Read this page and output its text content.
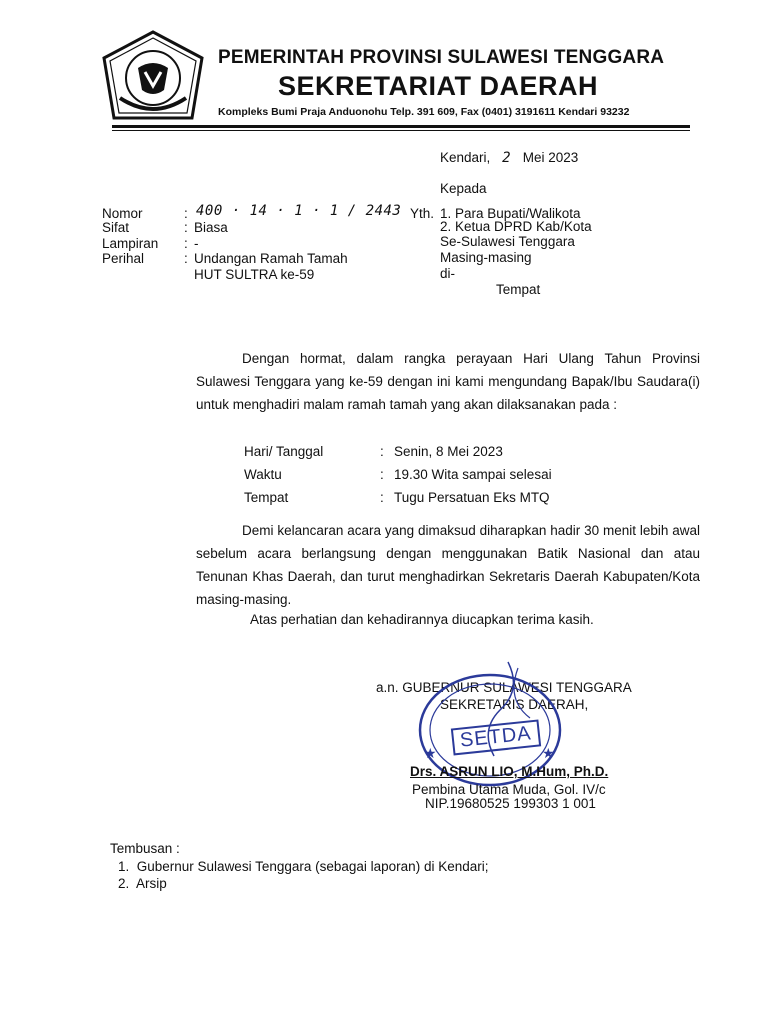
PEMERINTAH PROVINSI SULAWESI TENGGARA
SEKRETARIAT DAERAH
Kompleks Bumi Praja Anduonohu Telp. 391 609, Fax (0401) 3191611 Kendari 93232
Kendari, 2 Mei 2023
Kepada
Yth. 1. Para Bupati/Walikota
2. Ketua DPRD Kab/Kota
Se-Sulawesi Tenggara
Masing-masing
di-
Tempat
Nomor	: 400 · 14 · 1 · 1 / 2443
Sifat	: Biasa
Lampiran : -
Perihal	: Undangan Ramah Tamah
HUT SULTRA ke-59
Dengan hormat, dalam rangka perayaan Hari Ulang Tahun Provinsi Sulawesi Tenggara yang ke-59 dengan ini kami mengundang Bapak/Ibu Saudara(i) untuk menghadiri malam ramah tamah yang akan dilaksanakan pada :
Hari/ Tanggal	: Senin, 8 Mei 2023
Waktu	: 19.30 Wita sampai selesai
Tempat	: Tugu Persatuan Eks MTQ
Demi kelancaran acara yang dimaksud diharapkan hadir 30 menit lebih awal sebelum acara berlangsung dengan menggunakan Batik Nasional dan atau Tenunan Khas Daerah, dan turut menghadirkan Sekretaris Daerah Kabupaten/Kota masing-masing.
Atas perhatian dan kehadirannya diucapkan terima kasih.
a.n. GUBERNUR SULAWESI TENGGARA
SEKRETARIS DAERAH,
★	★
SETDA
Drs. ASRUN LIO, M.Hum, Ph.D.
Pembina Utama Muda, Gol. IV/c
NIP.19680525 199303 1 001
Tembusan :
1.  Gubernur Sulawesi Tenggara (sebagai laporan) di Kendari;
2.  Arsip
